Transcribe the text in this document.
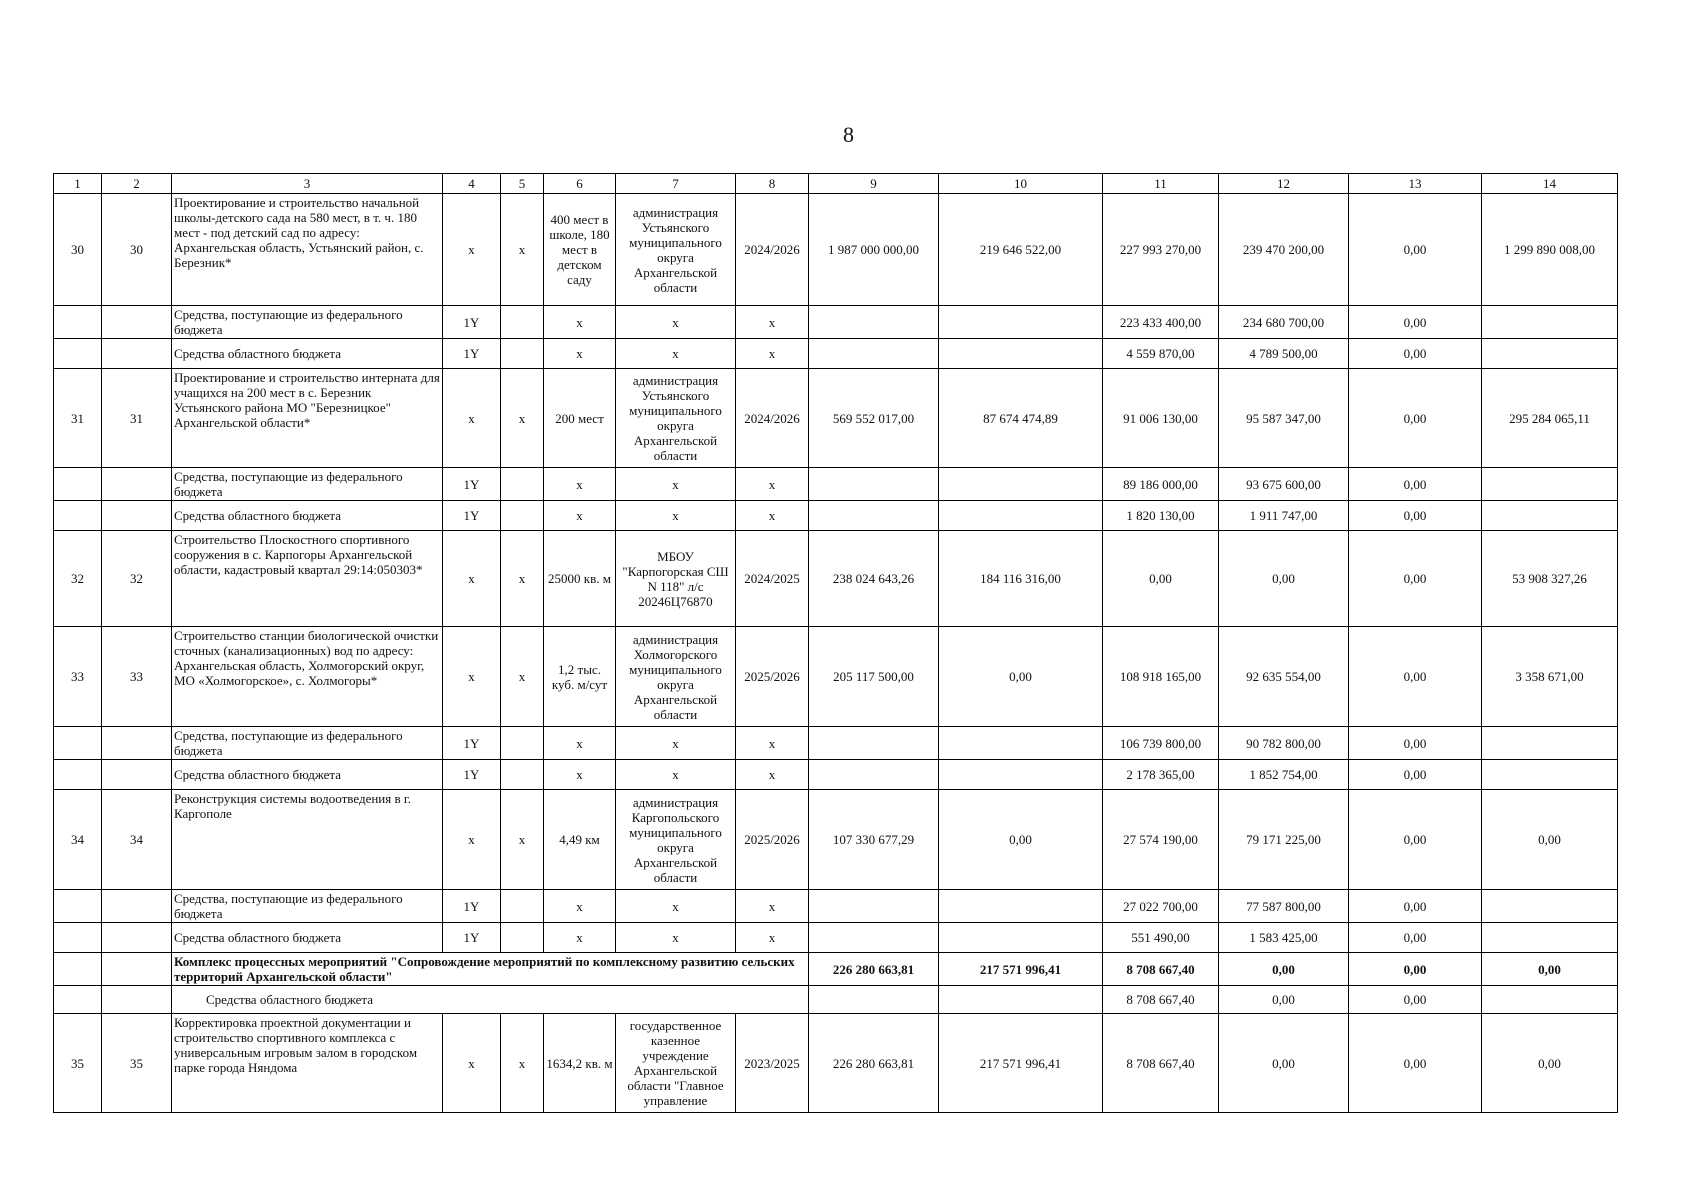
8
1	2	3	4	5	6	7	8	9	10	11	12	13	14
30	30	Проектирование и строительство начальной школы-детского сада на 580 мест, в т. ч. 180 мест - под детский сад по адресу: Архангельская область, Устьянский район, с. Березник*	х	х	400 мест в школе, 180 мест в детском саду	администрация Устьянского муниципального округа Архангельской области	2024/2026	1 987 000 000,00	219 646 522,00	227 993 270,00	239 470 200,00	0,00	1 299 890 008,00
		Средства, поступающие из федерального бюджета	1Y		х	х	х			223 433 400,00	234 680 700,00	0,00	
		Средства областного бюджета	1Y		х	х	х			4 559 870,00	4 789 500,00	0,00	
31	31	Проектирование и строительство интерната для учащихся на 200 мест в с. Березник Устьянского района МО "Березницкое" Архангельской области*	х	х	200 мест	администрация Устьянского муниципального округа Архангельской области	2024/2026	569 552 017,00	87 674 474,89	91 006 130,00	95 587 347,00	0,00	295 284 065,11
		Средства, поступающие из федерального бюджета	1Y		х	х	х			89 186 000,00	93 675 600,00	0,00	
		Средства областного бюджета	1Y		х	х	х			1 820 130,00	1 911 747,00	0,00	
32	32	Строительство Плоскостного спортивного сооружения в с. Карпогоры Архангельской области, кадастровый квартал 29:14:050303*	х	х	25000 кв. м	МБОУ "Карпогорская СШ N 118" л/с 20246Ц76870	2024/2025	238 024 643,26	184 116 316,00	0,00	0,00	0,00	53 908 327,26
33	33	Строительство станции биологической очистки сточных (канализационных) вод по адресу: Архангельская область, Холмогорский округ, МО «Холмогорское», с. Холмогоры*	х	х	1,2 тыс. куб. м/сут	администрация Холмогорского муниципального округа Архангельской области	2025/2026	205 117 500,00	0,00	108 918 165,00	92 635 554,00	0,00	3 358 671,00
		Средства, поступающие из федерального бюджета	1Y		х	х	х			106 739 800,00	90 782 800,00	0,00	
		Средства областного бюджета	1Y		х	х	х			2 178 365,00	1 852 754,00	0,00	
34	34	Реконструкция системы водоотведения в г. Каргополе	х	х	4,49 км	администрация Каргопольского муниципального округа Архангельской области	2025/2026	107 330 677,29	0,00	27 574 190,00	79 171 225,00	0,00	0,00
		Средства, поступающие из федерального бюджета	1Y		х	х	х			27 022 700,00	77 587 800,00	0,00	
		Средства областного бюджета	1Y		х	х	х			551 490,00	1 583 425,00	0,00	
		Комплекс процессных мероприятий "Сопровождение мероприятий по комплексному развитию сельских территорий Архангельской области"						226 280 663,81	217 571 996,41	8 708 667,40	0,00	0,00	0,00
		Средства областного бюджета								8 708 667,40	0,00	0,00	
35	35	Корректировка проектной документации и строительство спортивного комплекса с универсальным игровым залом в городском парке города Няндома	х	х	1634,2 кв. м	государственное казенное учреждение Архангельской области "Главное управление	2023/2025	226 280 663,81	217 571 996,41	8 708 667,40	0,00	0,00	0,00
